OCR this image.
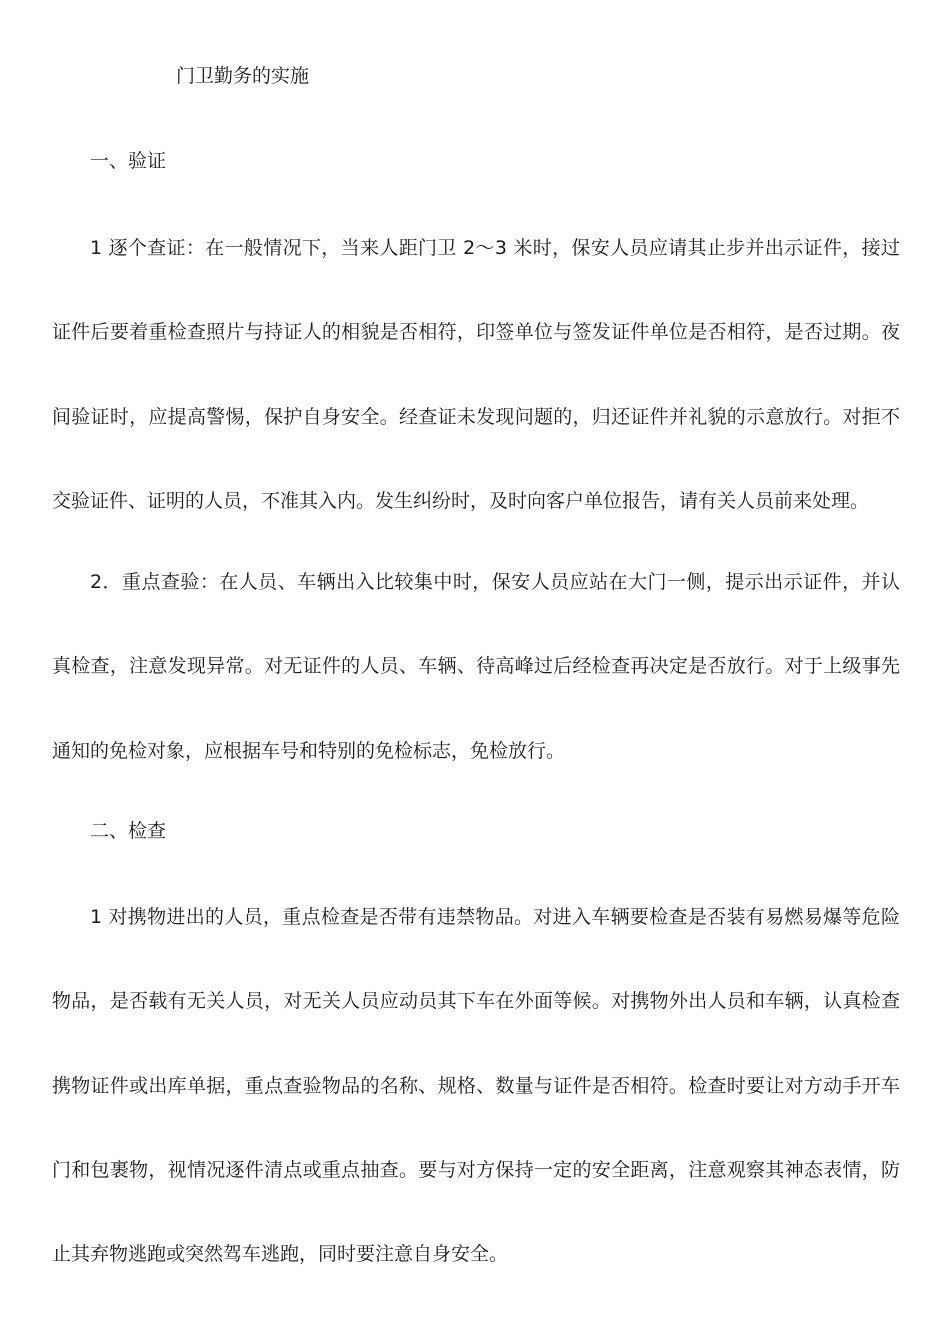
门卫勤务的实施
一、验证

1 逐个查证：在一般情况下，当来人距门卫 2～3 米时，保安人员应请其止步并出示证件，接过证件后要着重检查照片与持证人的相貌是否相符，印签单位与签发证件单位是否相符，是否过期。夜间验证时，应提高警惕，保护自身安全。经查证未发现问题的，归还证件并礼貌的示意放行。对拒不交验证件、证明的人员，不准其入内。发生纠纷时，及时向客户单位报告，请有关人员前来处理。

2．重点查验：在人员、车辆出入比较集中时，保安人员应站在大门一侧，提示出示证件，并认真检查，注意发现异常。对无证件的人员、车辆、待高峰过后经检查再决定是否放行。对于上级事先通知的免检对象，应根据车号和特别的免检标志，免检放行。

二、检查

1 对携物进出的人员，重点检查是否带有违禁物品。对进入车辆要检查是否装有易燃易爆等危险物品，是否载有无关人员，对无关人员应动员其下车在外面等候。对携物外出人员和车辆，认真检查携物证件或出库单据，重点查验物品的名称、规格、数量与证件是否相符。检查时要让对方动手开车门和包裹物，视情况逐件清点或重点抽查。要与对方保持一定的安全距离，注意观察其神态表情，防止其弃物逃跑或突然驾车逃跑，同时要注意自身安全。
